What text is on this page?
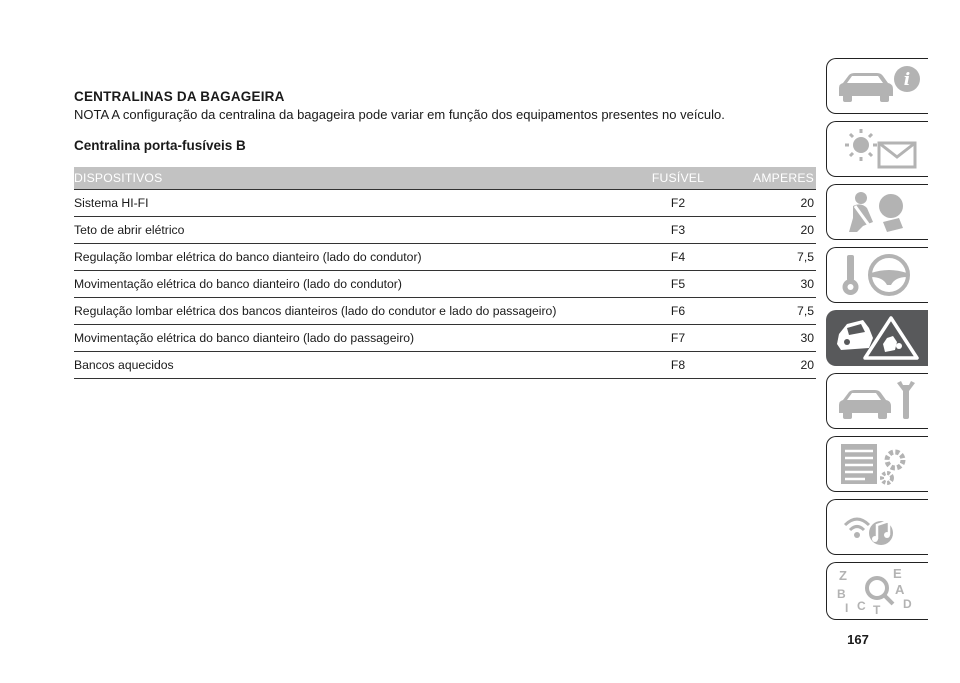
CENTRALINAS DA BAGAGEIRA

NOTA A configuração da centralina da bagageira pode variar em função dos equipamentos presentes no veículo.

Centralina porta-fusíveis B
DISPOSITIVOS	FUSÍVEL	AMPERES
Sistema HI-FI	F2	20
Teto de abrir elétrico	F3	20
Regulação lombar elétrica do banco dianteiro (lado do condutor)	F4	7,5
Movimentação elétrica do banco dianteiro (lado do condutor)	F5	30
Regulação lombar elétrica dos bancos dianteiros (lado do condutor e lado do passageiro)	F6	7,5
Movimentação elétrica do banco dianteiro (lado do passageiro)	F7	30
Bancos aquecidos	F8	20
167
i
Z	E
A
B
C	D
I T
